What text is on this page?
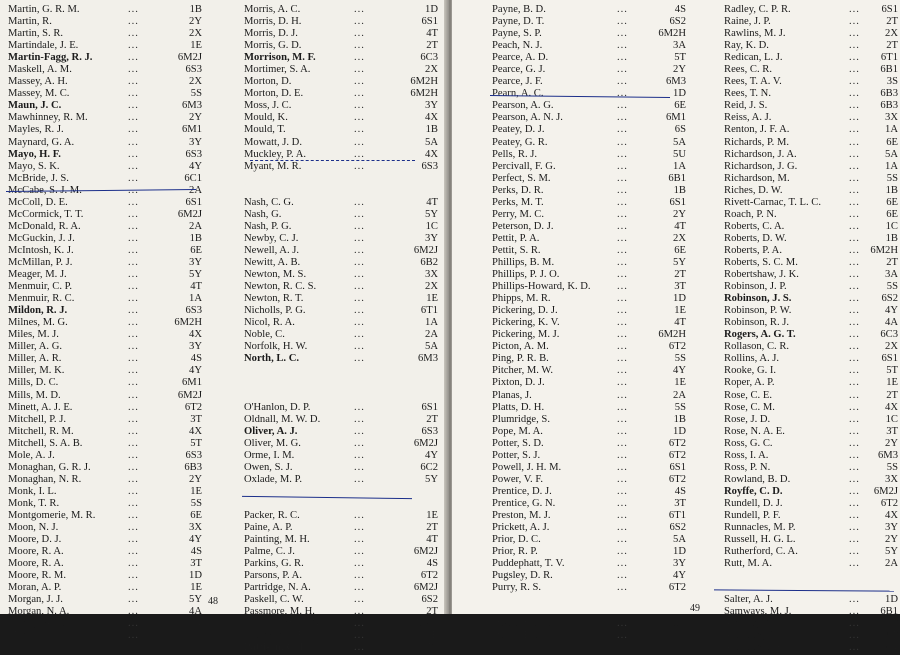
Martin, G. R. M.	...	1B
Martin, R.	...	2Y
Martin, S. R.	...	2X
Martindale, J. E.	...	1E
Martin-Fagg, R. J.	...	6M2J
Maskell, A. M.	...	6S3
Massey, A. H.	...	2X
Massey, M. C.	...	5S
Maun, J. C.	...	6M3
Mawhinney, R. M.	...	2Y
Mayles, R. J.	...	6M1
Maynard, G. A.	...	3Y
Mayo, H. F.	...	6S3
Mayo, S. K.	...	4Y
McBride, J. S.	...	6C1
McCabe, S. J. M.	...	2A
McColl, D. E.	...	6S1
McCormick, T. T.	...	6M2J
McDonald, R. A.	...	2A
McGuckin, J. J.	...	1B
McIntosh, K. J.	...	6E
McMillan, P. J.	...	3Y
Meager, M. J.	...	5Y
Menmuir, C. P.	...	4T
Menmuir, R. C.	...	1A
Mildon, R. J.	...	6S3
Milnes, M. G.	...	6M2H
Miles, M. J.	...	4X
Miller, A. G.	...	3Y
Miller, A. R.	...	4S
Miller, M. K.	...	4Y
Mills, D. C.	...	6M1
Mills, M. D.	...	6M2J
Minett, A. J. E.	...	6T2
Mitchell, P. J.	...	3T
Mitchell, R. M.	...	4X
Mitchell, S. A. B.	...	5T
Mole, A. J.	...	6S3
Monaghan, G. R. J.	...	6B3
Monaghan, N. R.	...	2Y
Monk, I. L.	...	1E
Monk, T. R.	...	5S
Montgomerie, M. R.	...	6E
Moon, N. J.	...	3X
Moore, D. J.	...	4Y
Moore, R. A.	...	4S
Moore, R. A.	...	3T
Moore, R. M.	...	1D
Moran, A. P.	...	1E
Morgan, J. J.	...	5Y
Morgan, N. A.	...	4A
Morley, A. R.	...	3X
Morrant, C. J.	...	3Y
Morris, A. C.	...	1D
Morris, D. H.	...	6S1
Morris, D. J.	...	4T
Morris, G. D.	...	2T
Morrison, M. F.	...	6C3
Mortimer, S. A.	...	2X
Morton, D.	...	6M2H
Morton, D. E.	...	6M2H
Moss, J. C.	...	3Y
Mould, K.	...	4X
Mould, T.	...	1B
Mowatt, J. D.	...	5A
Muckley, P. A.	...	4X
Myant, M. R.	...	6S3
Nash, C. G.	...	4T
Nash, G.	...	5Y
Nash, P. G.	...	1C
Newby, C. J.	...	3Y
Newell, A. J.	...	6M2J
Newitt, A. B.	...	6B2
Newton, M. S.	...	3X
Newton, R. C. S.	...	2X
Newton, R. T.	...	1E
Nicholls, P. G.	...	6T1
Nicol, R. A.	...	1A
Noble, C.	...	2A
Norfolk, H. W.	...	5A
North, L. C.	...	6M3
O'Hanlon, D. P.	...	6S1
Oldnall, M. W. D.	...	2T
Oliver, A. J.	...	6S3
Oliver, M. G.	...	6M2J
Orme, I. M.	...	4Y
Owen, S. J.	...	6C2
Oxlade, M. P.	...	5Y
Packer, R. C.	...	1E
Paine, A. P.	...	2T
Painting, M. H.	...	4T
Palme, C. J.	...	6M2J
Parkins, G. R.	...	4S
Parsons, P. A.	...	6T2
Partridge, N. A.	...	6M2J
Paskell, C. W.	...	6S2
Passmore, M. H.	...	2T
Paskiewicz, M. N.	...	6M2H
Pattinson, I. R. H.	...	6E
Pattison, G. E.	...	6T2
48
Payne, B. D.	...	4S
Payne, D. T.	...	6S2
Payne, S. P.	...	6M2H
Peach, N. J.	...	3A
Pearce, A. D.	...	5T
Pearce, G. J.	...	2Y
Pearce, J. F.	...	6M3
Pearn, A. C.	...	1D
Pearson, A. G.	...	6E
Pearson, A. N. J.	...	6M1
Peatey, D. J.	...	6S
Peatey, G. R.	...	5A
Pells, R. J.	...	5U
Percivall, F. G.	...	1A
Perfect, S. M.	...	6B1
Perks, D. R.	...	1B
Perks, M. T.	...	6S1
Perry, M. C.	...	2Y
Peterson, D. J.	...	4T
Pettit, P. A.	...	2X
Pettit, S. R.	...	6E
Phillips, B. M.	...	5Y
Phillips, P. J. O.	...	2T
Phillips-Howard, K. D. ...	3T
Phipps, M. R.	...	1D
Pickering, D. J.	...	1E
Pickering, K. V.	...	4T
Pickering, M. J.	...	6M2H
Picton, A. M.	...	6T2
Ping, P. R. B.	...	5S
Pitcher, M. W.	...	4Y
Pixton, D. J.	...	1E
Planas, J.	...	2A
Platts, D. H.	...	5S
Plumridge, S.	...	1B
Pope, M. A.	...	1D
Potter, S. D.	...	6T2
Potter, S. J.	...	6T2
Powell, J. H. M.	...	6S1
Power, V. F.	...	6T2
Prentice, D. J.	...	4S
Prentice, G. N.	...	3T
Preston, M. J.	...	6T1
Prickett, A. J.	...	6S2
Prior, D. C.	...	5A
Prior, R. P.	...	1D
Puddephatt, T. V.	...	3Y
Pugsley, D. R.	...	4Y
Purry, R. S.	...	6T2
Quartermaine, J. P.	...	5U
Quinn, B. J.	...	5S
Radley, C. P. R.	...	6S1
Raine, J. P.	...	2T
Rawlins, M. J.	...	2X
Ray, K. D.	...	2T
Redican, L. J.	...	6T1
Rees, C. R.	...	6B1
Rees, T. A. V.	...	3S
Rees, T. N.	...	6B3
Reid, J. S.	...	6B3
Reiss, A. J.	...	3X
Renton, J. F. A.	...	1A
Richards, P. M.	...	6E
Richardson, J. A.	...	5A
Richardson, J. G.	...	1A
Richardson, M.	...	5S
Riches, D. W.	...	1B
Rivett-Carnac, T. L. C.	...	6E
Roach, P. N.	...	6E
Roberts, C. A.	...	1C
Roberts, D. W.	...	1B
Roberts, P. A.	... 6M2H
Roberts, S. C. M.	...	2T
Robertshaw, J. K.	...	3A
Robinson, J. P.	...	5S
Robinson, J. S.	...	6S2
Robinson, P. W.	...	4Y
Robinson, R. J.	...	4A
Rogers, A. G. T.	...	6C3
Rollason, C. R.	...	2X
Rollins, A. J.	...	6S1
Rooke, G. I.	...	5T
Roper, A. P.	...	1E
Rose, C. E.	...	2T
Rose, C. M.	...	4X
Rose, J. D.	...	1C
Rose, N. A. E.	...	3T
Ross, G. C.	...	2Y
Ross, I. A.	...	6M3
Ross, P. N.	...	5S
Rowland, B. D.	...	3X
Royffe, C. D.	...	6M2J
Rundell, D. J.	...	6T2
Rundell, P. F.	...	4X
Runnacles, M. P.	...	3Y
Russell, H. G. L.	...	2Y
Rutherford, C. A.	...	5Y
Rutt, M. A.	...	2A
Salter, A. J.	...	1D
Samways, M. J.	...	6B1
Sandles, D. J. W.	...	3T
Saunders, C.	...	5T
Saunders, J. C.	...	4X
49
